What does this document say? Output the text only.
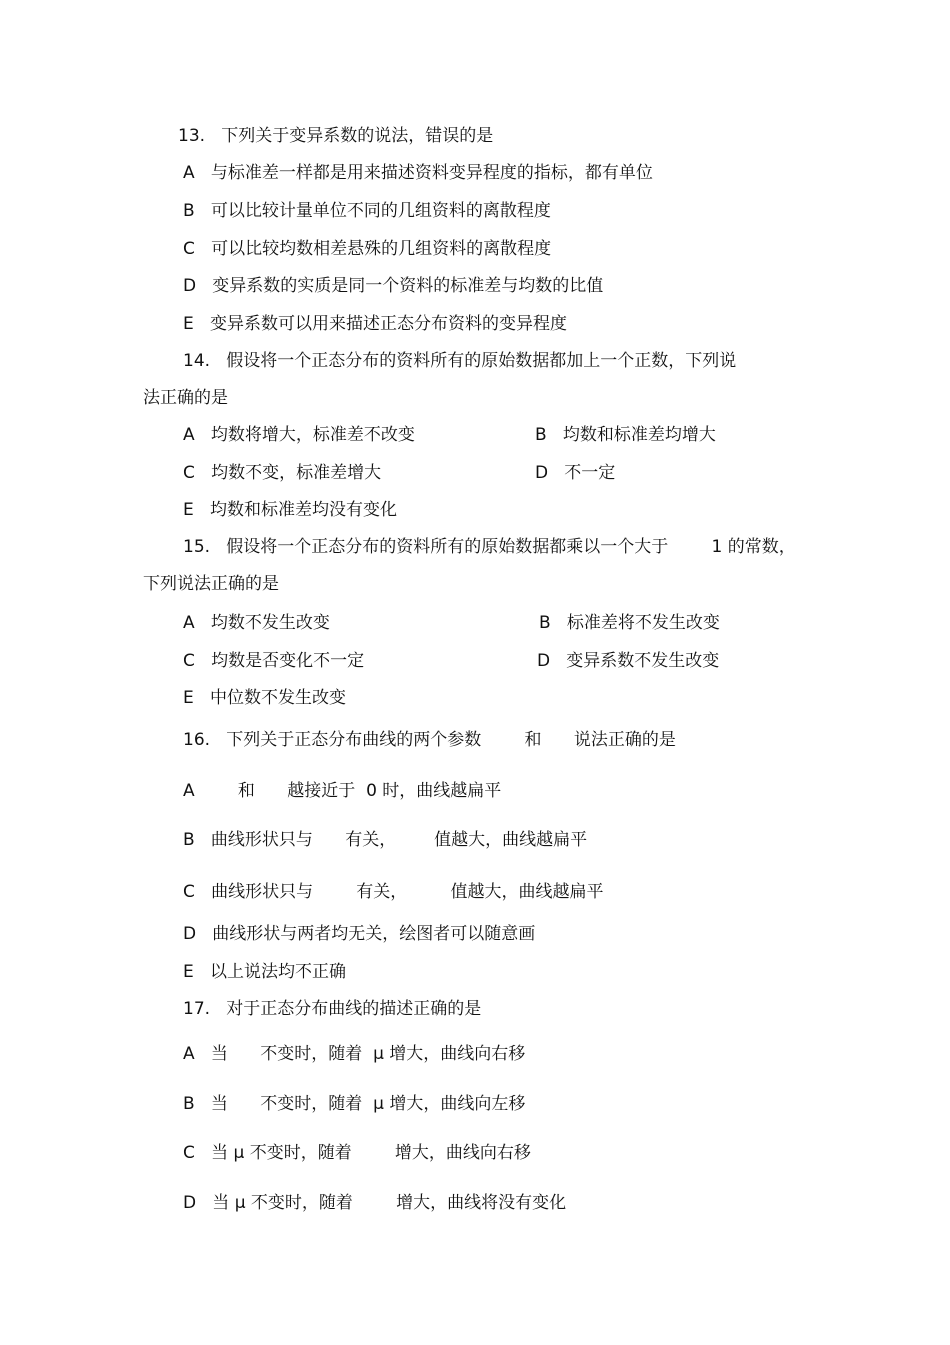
13.   下列关于变异系数的说法，错误的是
A   与标准差一样都是用来描述资料变异程度的指标，都有单位
B   可以比较计量单位不同的几组资料的离散程度
C   可以比较均数相差悬殊的几组资料的离散程度
D   变异系数的实质是同一个资料的标准差与均数的比值
E   变异系数可以用来描述正态分布资料的变异程度
14.   假设将一个正态分布的资料所有的原始数据都加上一个正数，下列说
法正确的是
A   均数将增大，标准差不改变	B   均数和标准差均增大
C   均数不变，标准差增大	D   不一定
E   均数和标准差均没有变化
15.   假设将一个正态分布的资料所有的原始数据都乘以一个大于        1 的常数，
下列说法正确的是
A   均数不发生改变	B   标准差将不发生改变
C   均数是否变化不一定	D   变异系数不发生改变
E   中位数不发生改变
16.   下列关于正态分布曲线的两个参数        和      说法正确的是
A        和      越接近于  0 时，曲线越扁平
B   曲线形状只与      有关，       值越大，曲线越扁平
C   曲线形状只与        有关，        值越大，曲线越扁平
D   曲线形状与两者均无关，绘图者可以随意画
E   以上说法均不正确
17.   对于正态分布曲线的描述正确的是
A   当      不变时，随着  μ 增大，曲线向右移
B   当      不变时，随着  μ 增大，曲线向左移
C   当 μ 不变时，随着        增大，曲线向右移
D   当 μ 不变时，随着        增大，曲线将没有变化
